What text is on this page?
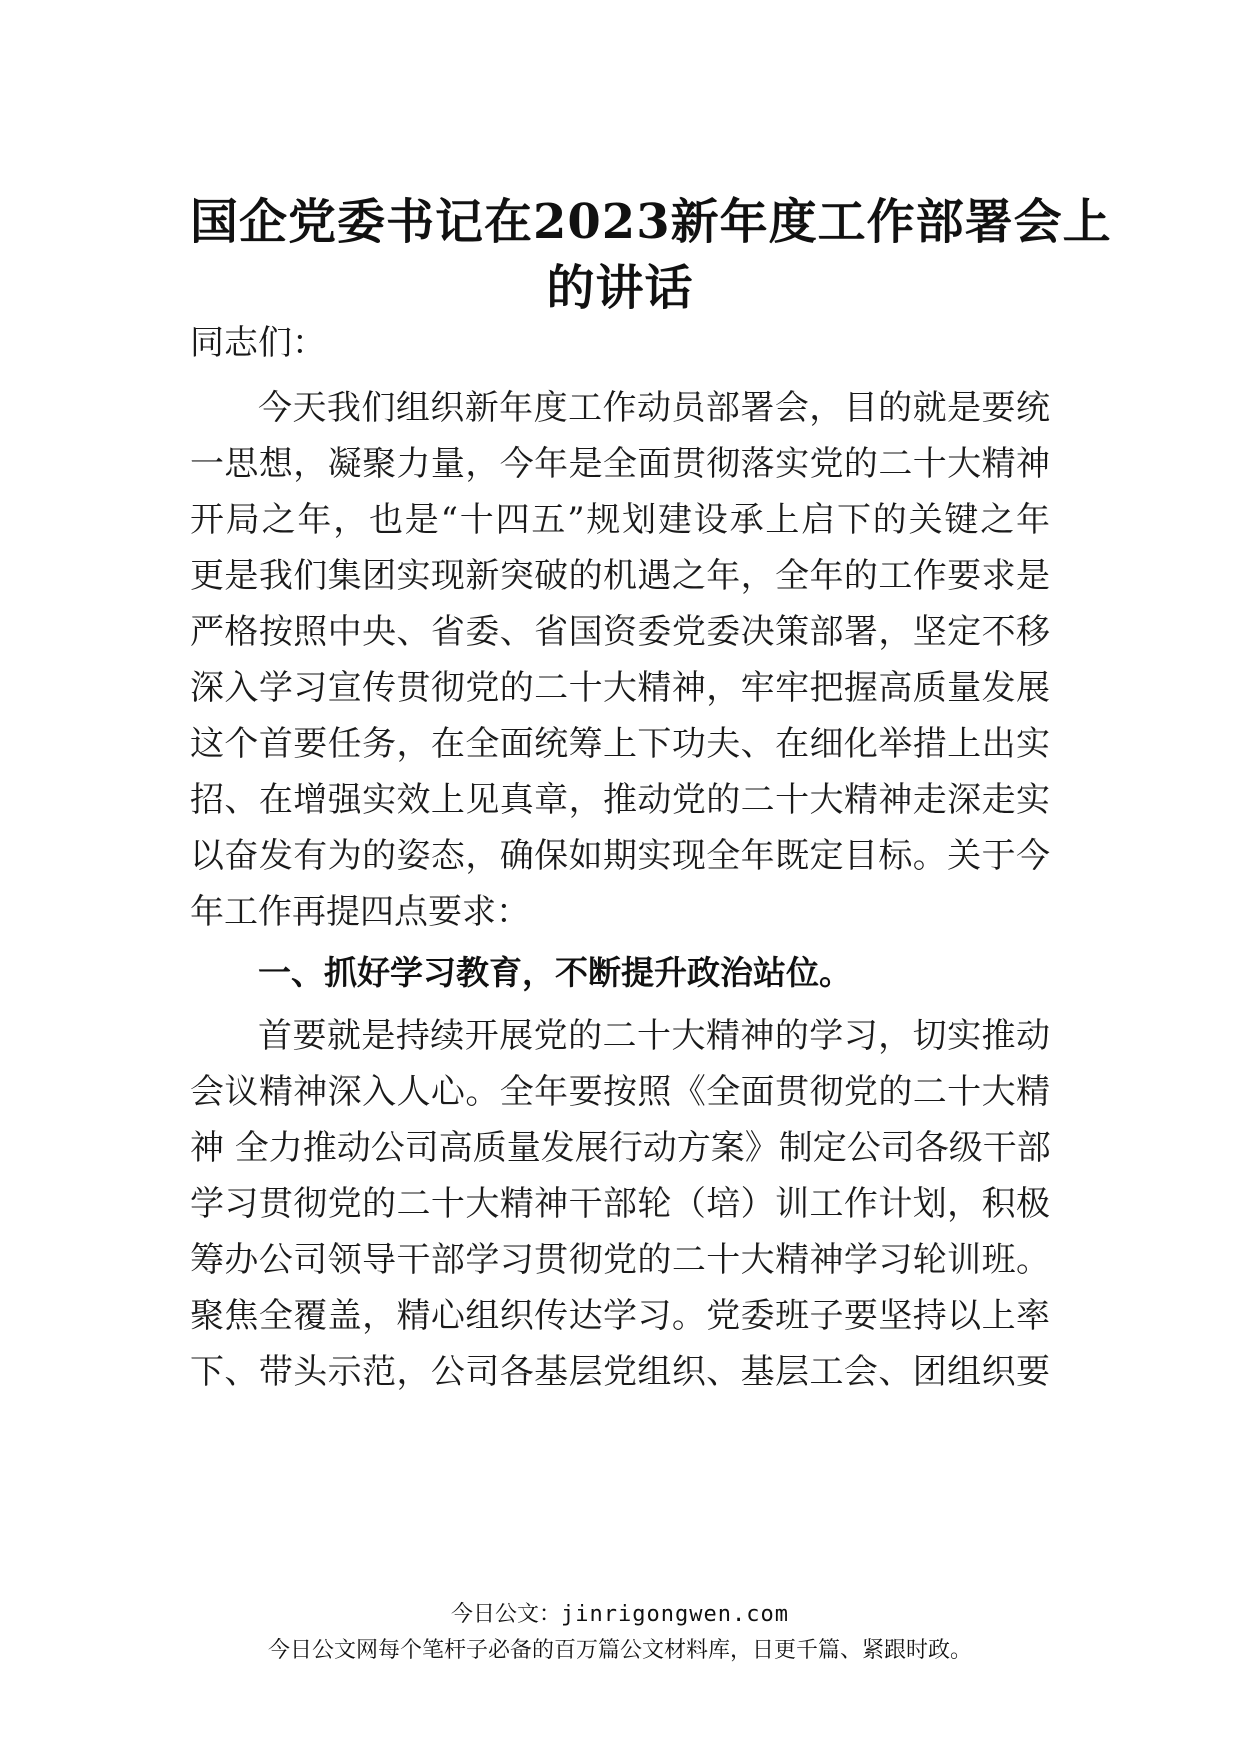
国企党委书记在2023新年度工作部署会上
的讲话
同志们：
今天我们组织新年度工作动员部署会，目的就是要统
一思想，凝聚力量，今年是全面贯彻落实党的二十大精神
开局之年，也是“十四五”规划建设承上启下的关键之年
更是我们集团实现新突破的机遇之年，全年的工作要求是
严格按照中央、省委、省国资委党委决策部署，坚定不移
深入学习宣传贯彻党的二十大精神，牢牢把握高质量发展
这个首要任务，在全面统筹上下功夫、在细化举措上出实
招、在增强实效上见真章，推动党的二十大精神走深走实
以奋发有为的姿态，确保如期实现全年既定目标。关于今
年工作再提四点要求：
一、抓好学习教育，不断提升政治站位。
首要就是持续开展党的二十大精神的学习，切实推动
会议精神深入人心。全年要按照《全面贯彻党的二十大精
神 全力推动公司高质量发展行动方案》制定公司各级干部
学习贯彻党的二十大精神干部轮（培）训工作计划，积极
筹办公司领导干部学习贯彻党的二十大精神学习轮训班。
聚焦全覆盖，精心组织传达学习。党委班子要坚持以上率
下、带头示范，公司各基层党组织、基层工会、团组织要
今日公文：jinrigongwen.com
今日公文网每个笔杆子必备的百万篇公文材料库，日更千篇、紧跟时政。
